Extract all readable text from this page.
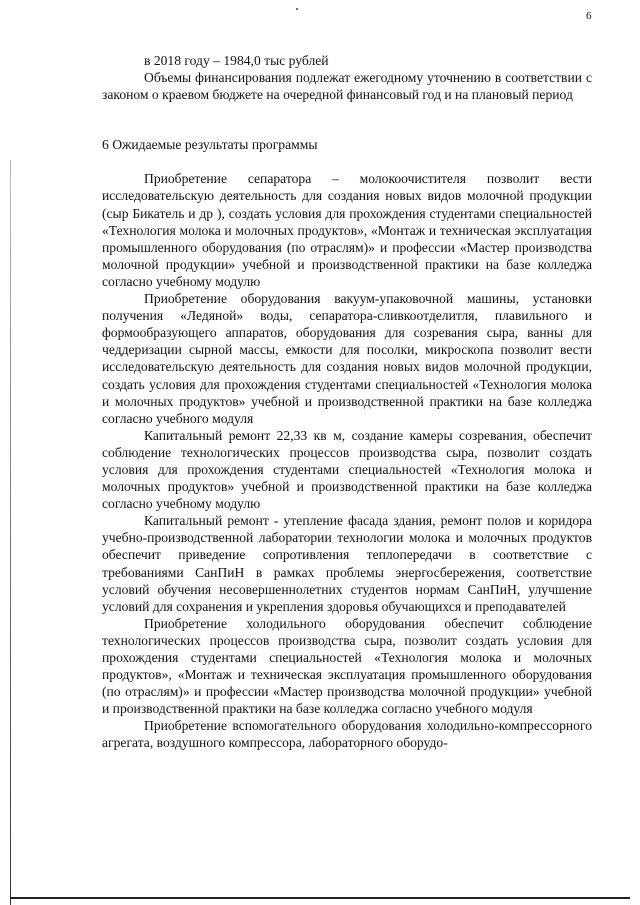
6

в 2018 году – 1984,0 тыс рублей

Объемы финансирования подлежат ежегодному уточнению в соответствии с законом о краевом бюджете на очередной финансовый год и на плановый период

6 Ожидаемые результаты программы

Приобретение сепаратора – молокоочистителя позволит вести исследовательскую деятельность для создания новых видов молочной продукции (сыр Бикатель и др ), создать условия для прохождения студентами специальностей «Технология молока и молочных продуктов», «Монтаж и техническая эксплуатация промышленного оборудования (по отраслям)» и профессии «Мастер производства молочной продукции» учебной и производственной практики на базе колледжа согласно учебному модулю

Приобретение оборудования вакуум-упаковочной машины, установки получения «Ледяной» воды, сепаратора-сливкоотделитля, плавильного и формообразующего аппаратов, оборудования для созревания сыра, ванны для чеддеризации сырной массы, емкости для посолки, микроскопа позволит вести исследовательскую деятельность для создания новых видов молочной продукции, создать условия для прохождения студентами специальностей «Технология молока и молочных продуктов» учебной и производственной практики на базе колледжа согласно учебного модуля

Капитальный ремонт 22,33 кв м, создание камеры созревания, обеспечит соблюдение технологических процессов производства сыра, позволит создать условия для прохождения студентами специальностей «Технология молока и молочных продуктов» учебной и производственной практики на базе колледжа согласно учебному модулю

Капитальный ремонт - утепление фасада здания, ремонт полов и коридора учебно-производственной лаборатории технологии молока и молочных продуктов обеспечит приведение сопротивления теплопередачи в соответствие с требованиями СанПиН в рамках проблемы энергосбережения, соответствие условий обучения несовершеннолетних студентов нормам СанПиН, улучшение условий для сохранения и укрепления здоровья обучающихся и преподавателей

Приобретение холодильного оборудования обеспечит соблюдение технологических процессов производства сыра, позволит создать условия для прохождения студентами специальностей «Технология молока и молочных продуктов», «Монтаж и техническая эксплуатация промышленного оборудования (по отраслям)» и профессии «Мастер производства молочной продукции» учебной и производственной практики на базе колледжа согласно учебного модуля

Приобретение вспомогательного оборудования холодильно-компрессорного агрегата, воздушного компрессора, лабораторного оборудо-
